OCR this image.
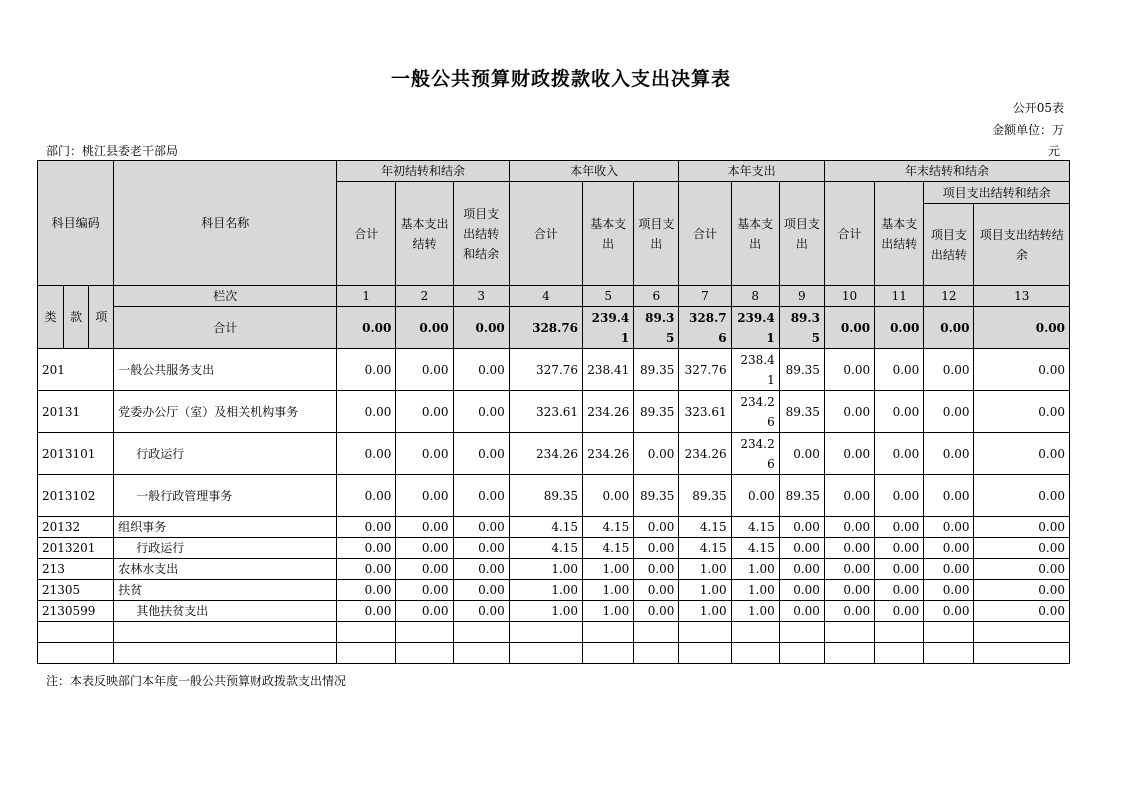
一般公共预算财政拨款收入支出决算表
公开05表
金额单位：万
元
部门：桃江县委老干部局
科目编码			科目名称	年初结转和结余			本年收入			本年支出			年末结转和结余			
				合计	基本支出结转	项目支出结转和结余	合计	基本支出	项目支出	合计	基本支出	项目支出	合计	基本支出结转	项目支出结转和结余	
															项目支出结转	项目支出结转结余
类	款	项	栏次	1	2	3	4	5	6	7	8	9	10	11	12	13
			合计	0.00	0.00	0.00	328.76	239.41	89.35	328.76	239.41	89.35	0.00	0.00	0.00	0.00
201			一般公共服务支出	0.00	0.00	0.00	327.76	238.41	89.35	327.76	238.41	89.35	0.00	0.00	0.00	0.00
20131			党委办公厅（室）及相关机构事务	0.00	0.00	0.00	323.61	234.26	89.35	323.61	234.26	89.35	0.00	0.00	0.00	0.00
2013101			行政运行	0.00	0.00	0.00	234.26	234.26	0.00	234.26	234.26	0.00	0.00	0.00	0.00	0.00
2013102			一般行政管理事务	0.00	0.00	0.00	89.35	0.00	89.35	89.35	0.00	89.35	0.00	0.00	0.00	0.00
20132			组织事务	0.00	0.00	0.00	4.15	4.15	0.00	4.15	4.15	0.00	0.00	0.00	0.00	0.00
2013201			行政运行	0.00	0.00	0.00	4.15	4.15	0.00	4.15	4.15	0.00	0.00	0.00	0.00	0.00
213			农林水支出	0.00	0.00	0.00	1.00	1.00	0.00	1.00	1.00	0.00	0.00	0.00	0.00	0.00
21305			扶贫	0.00	0.00	0.00	1.00	1.00	0.00	1.00	1.00	0.00	0.00	0.00	0.00	0.00
2130599			其他扶贫支出	0.00	0.00	0.00	1.00	1.00	0.00	1.00	1.00	0.00	0.00	0.00	0.00	0.00

注：本表反映部门本年度一般公共预算财政拨款支出情况
